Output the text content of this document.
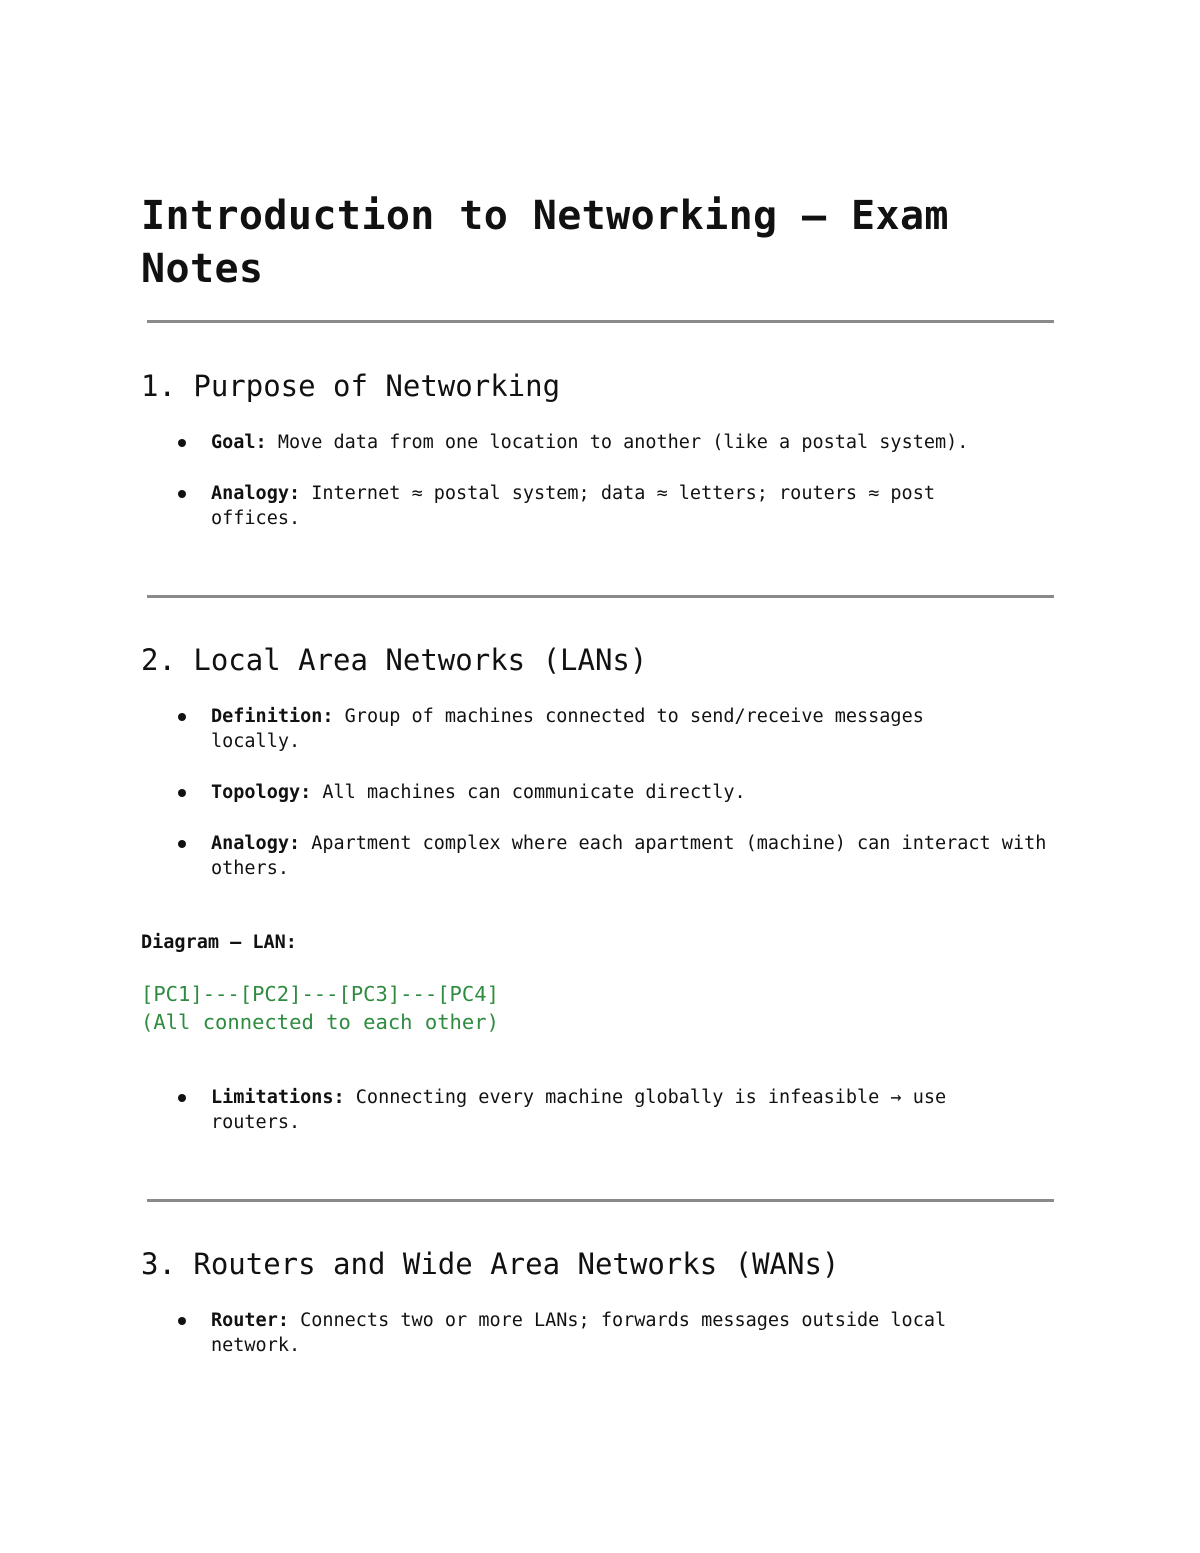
Introduction to Networking – Exam Notes
1. Purpose of Networking
Goal: Move data from one location to another (like a postal system).
Analogy: Internet ≈ postal system; data ≈ letters; routers ≈ post offices.
2. Local Area Networks (LANs)
Definition: Group of machines connected to send/receive messages locally.
Topology: All machines can communicate directly.
Analogy: Apartment complex where each apartment (machine) can interact with others.
Diagram – LAN:
[PC1]---[PC2]---[PC3]---[PC4]
(All connected to each other)
Limitations: Connecting every machine globally is infeasible → use routers.
3. Routers and Wide Area Networks (WANs)
Router: Connects two or more LANs; forwards messages outside local network.
